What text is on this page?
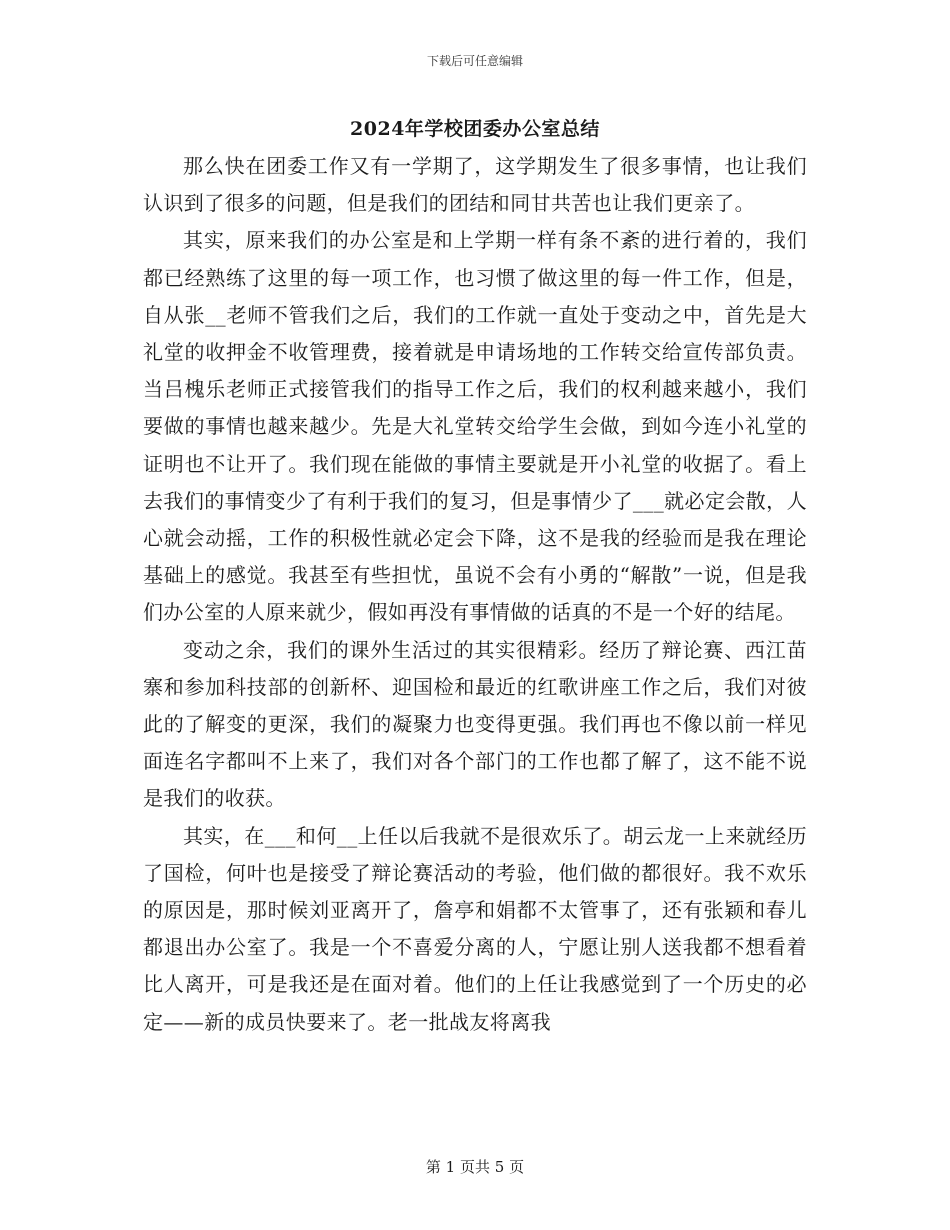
下载后可任意编辑
2024年学校团委办公室总结

那么快在团委工作又有一学期了，这学期发生了很多事情，也让我们认识到了很多的问题，但是我们的团结和同甘共苦也让我们更亲了。

其实，原来我们的办公室是和上学期一样有条不紊的进行着的，我们都已经熟练了这里的每一项工作，也习惯了做这里的每一件工作，但是，自从张__老师不管我们之后，我们的工作就一直处于变动之中，首先是大礼堂的收押金不收管理费，接着就是申请场地的工作转交给宣传部负责。当吕槐乐老师正式接管我们的指导工作之后，我们的权利越来越小，我们要做的事情也越来越少。先是大礼堂转交给学生会做，到如今连小礼堂的证明也不让开了。我们现在能做的事情主要就是开小礼堂的收据了。看上去我们的事情变少了有利于我们的复习，但是事情少了___就必定会散，人心就会动摇，工作的积极性就必定会下降，这不是我的经验而是我在理论基础上的感觉。我甚至有些担忧，虽说不会有小勇的“解散”一说，但是我们办公室的人原来就少，假如再没有事情做的话真的不是一个好的结尾。

变动之余，我们的课外生活过的其实很精彩。经历了辩论赛、西江苗寨和参加科技部的创新杯、迎国检和最近的红歌讲座工作之后，我们对彼此的了解变的更深，我们的凝聚力也变得更强。我们再也不像以前一样见面连名字都叫不上来了，我们对各个部门的工作也都了解了，这不能不说是我们的收获。

其实，在___和何__上任以后我就不是很欢乐了。胡云龙一上来就经历了国检，何叶也是接受了辩论赛活动的考验，他们做的都很好。我不欢乐的原因是，那时候刘亚离开了，詹亭和娟都不太管事了，还有张颖和春儿都退出办公室了。我是一个不喜爱分离的人，宁愿让别人送我都不想看着比人离开，可是我还是在面对着。他们的上任让我感觉到了一个历史的必定——新的成员快要来了。老一批战友将离我

第 1 页共 5 页
